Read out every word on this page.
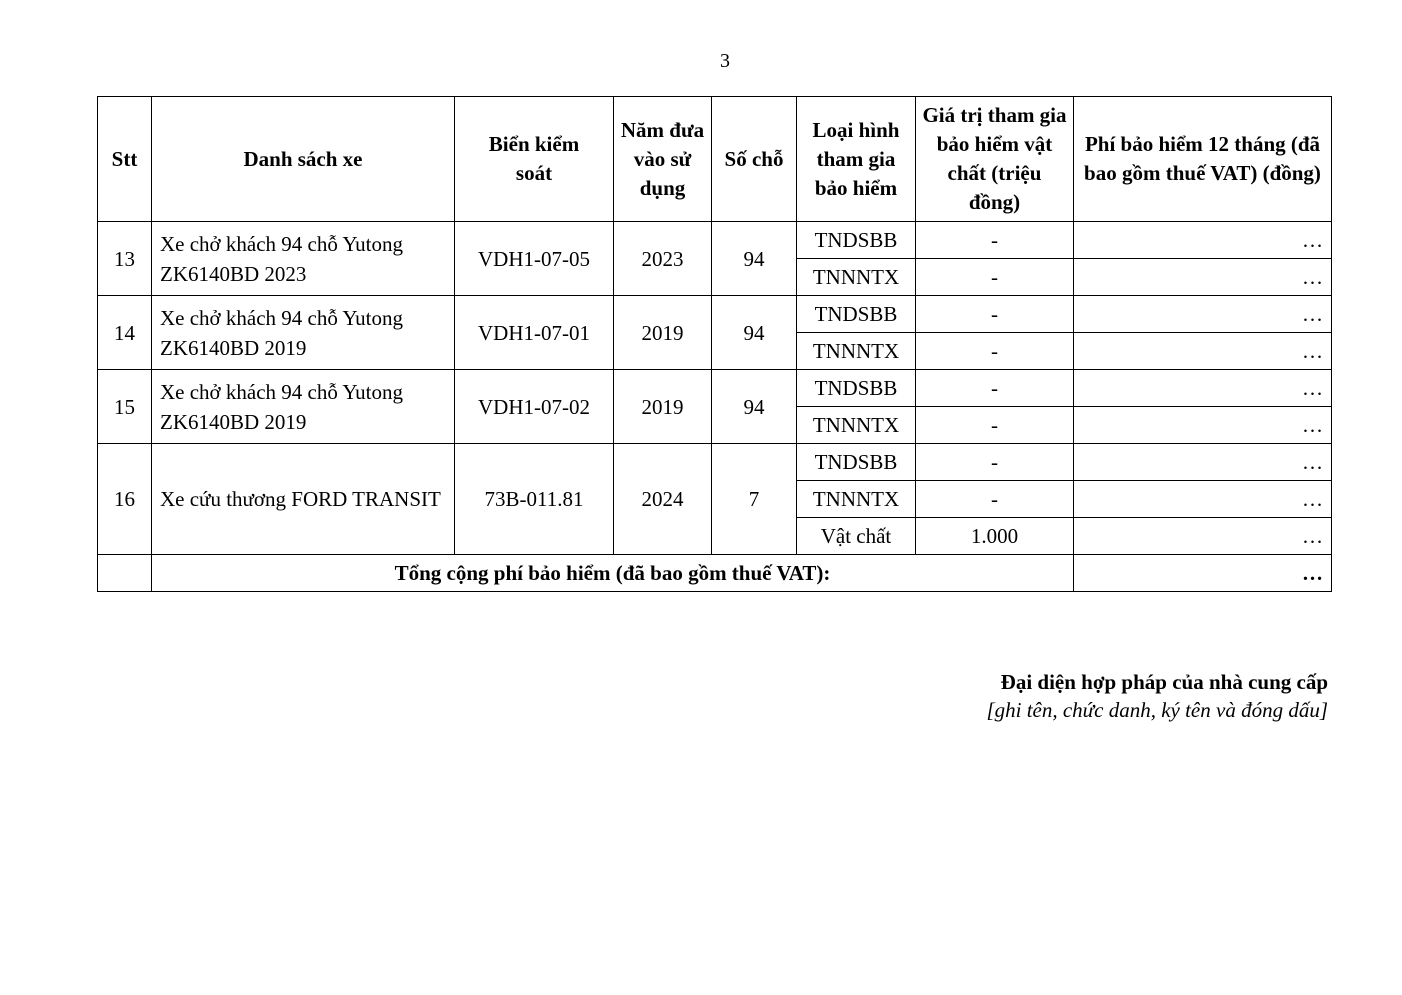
3
Stt	Danh sách xe	Biển kiểm soát	Năm đưa vào sử dụng	Số chỗ	Loại hình tham gia bảo hiểm	Giá trị tham gia bảo hiểm vật chất (triệu đồng)	Phí bảo hiểm 12 tháng (đã bao gồm thuế VAT) (đồng)
13	Xe chở khách 94 chỗ Yutong ZK6140BD 2023	VDH1-07-05	2023	94	TNDSBB	-	…
					TNNNTX	-	…
14	Xe chở khách 94 chỗ Yutong ZK6140BD 2019	VDH1-07-01	2019	94	TNDSBB	-	…
					TNNNTX	-	…
15	Xe chở khách 94 chỗ Yutong ZK6140BD 2019	VDH1-07-02	2019	94	TNDSBB	-	…
					TNNNTX	-	…
16	Xe cứu thương FORD TRANSIT	73B-011.81	2024	7	TNDSBB	-	…
					TNNNTX	-	…
					Vật chất	1.000	…
	Tổng cộng phí bảo hiểm (đã bao gồm thuế VAT):						…
Đại diện hợp pháp của nhà cung cấp
[ghi tên, chức danh, ký tên và đóng dấu]
